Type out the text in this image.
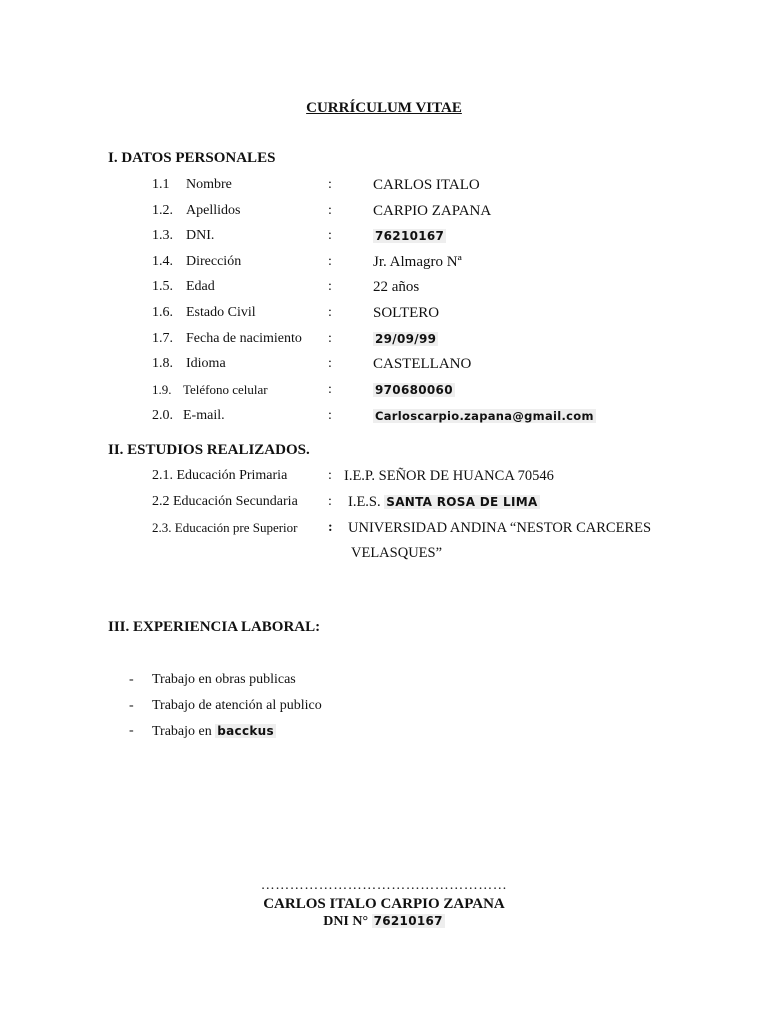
CURRÍCULUM VITAE
I. DATOS PERSONALES
1.1 Nombre	:	CARLOS ITALO
1.2. Apellidos	:	CARPIO ZAPANA
1.3. DNI.	:	76210167
1.4. Dirección	:	Jr. Almagro Nª
1.5. Edad	:	22 años
1.6. Estado Civil	:	SOLTERO
1.7. Fecha de nacimiento :	29/09/99
1.8. Idioma	:	CASTELLANO
1.9. Teléfono celular	:	970680060
2.0. E-mail.	:	Carloscarpio.zapana@gmail.com
II. ESTUDIOS REALIZADOS.
2.1. Educación Primaria	: I.E.P. SEÑOR DE HUANCA 70546
2.2 Educación Secundaria : I.E.S. SANTA ROSA DE LIMA
2.3. Educación pre Superior : UNIVERSIDAD ANDINA “NESTOR CARCERES
VELASQUES”
III. EXPERIENCIA LABORAL:
- Trabajo en obras publicas
- Trabajo de atención al publico
- Trabajo en bacckus
……………………………………………
CARLOS ITALO CARPIO ZAPANA
DNI N° 76210167
